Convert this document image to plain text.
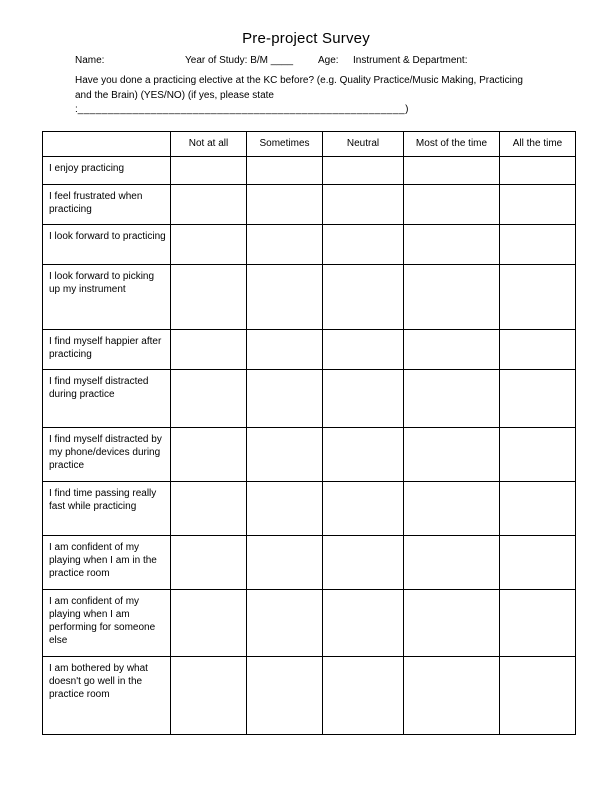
Pre-project Survey
Name:	Year of Study: B/M ____ Age: Instrument & Department:
Have you done a practicing elective at the KC before? (e.g. Quality Practice/Music Making, Practicing
and the Brain) (YES/NO) (if yes, please state :______________________________________________________)
	Not at all	Sometimes	Neutral	Most of the time	All the time
I enjoy practicing					
I feel frustrated when practicing					
I look forward to practicing					
I look forward to picking up my instrument					
I find myself happier after practicing					
I find myself distracted during practice					
I find myself distracted by my phone/devices during practice					
I find time passing really fast while practicing					
I am confident of my playing when I am in the practice room					
I am confident of my playing when I am performing for someone else					
I am bothered by what doesn't go well in the practice room					
